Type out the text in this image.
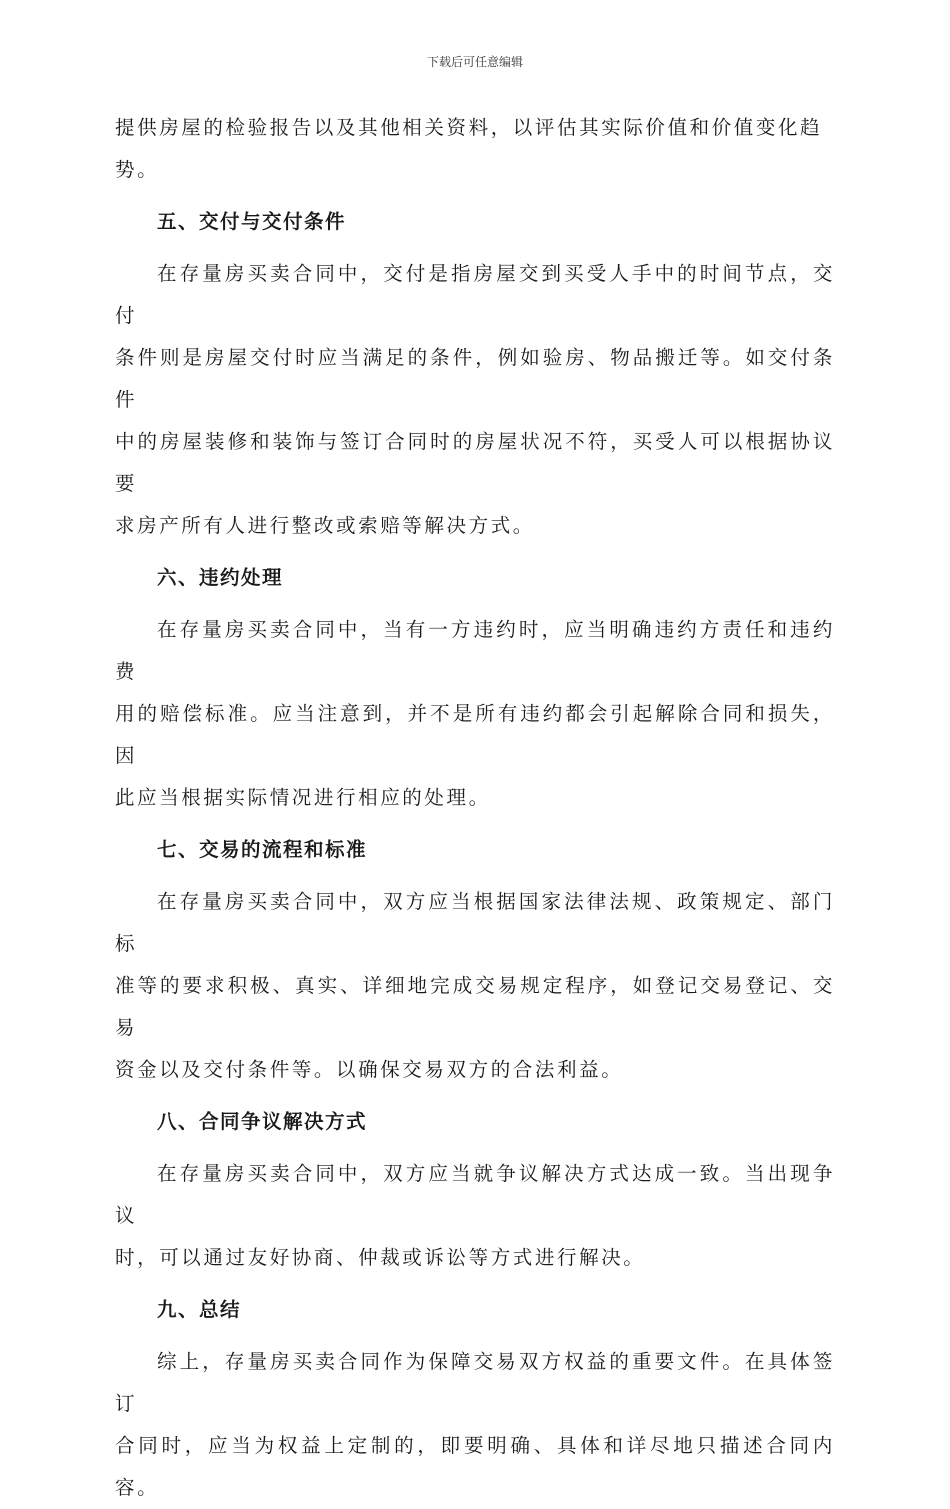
下载后可任意编辑
提供房屋的检验报告以及其他相关资料，以评估其实际价值和价值变化趋
势。
五、交付与交付条件
在存量房买卖合同中，交付是指房屋交到买受人手中的时间节点，交付
条件则是房屋交付时应当满足的条件，例如验房、物品搬迁等。如交付条件
中的房屋装修和装饰与签订合同时的房屋状况不符，买受人可以根据协议要
求房产所有人进行整改或索赔等解决方式。
六、违约处理
在存量房买卖合同中，当有一方违约时，应当明确违约方责任和违约费
用的赔偿标准。应当注意到，并不是所有违约都会引起解除合同和损失，因
此应当根据实际情况进行相应的处理。
七、交易的流程和标准
在存量房买卖合同中，双方应当根据国家法律法规、政策规定、部门标
准等的要求积极、真实、详细地完成交易规定程序，如登记交易登记、交易
资金以及交付条件等。以确保交易双方的合法利益。
八、合同争议解决方式
在存量房买卖合同中，双方应当就争议解决方式达成一致。当出现争议
时，可以通过友好协商、仲裁或诉讼等方式进行解决。
九、总结
综上，存量房买卖合同作为保障交易双方权益的重要文件。在具体签订
合同时，应当为权益上定制的，即要明确、具体和详尽地只描述合同内容。
